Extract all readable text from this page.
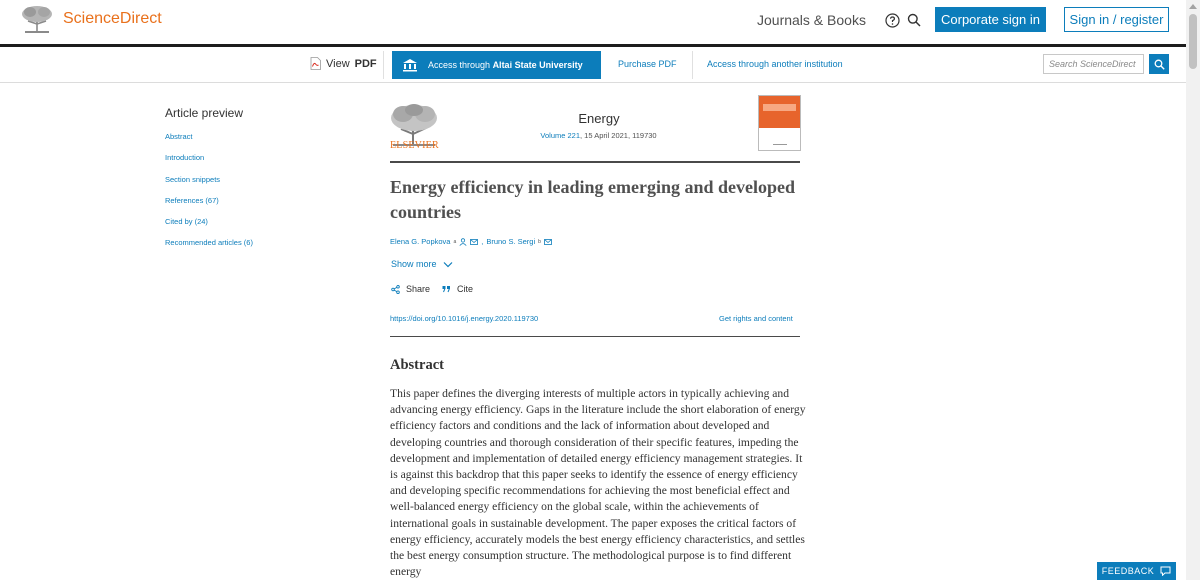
ScienceDirect	Journals & Books	Corporate sign in	Sign in / register
View PDF	Access through
Altai State University	Purchase PDF	Access through another institution
Search ScienceDirect
Article preview
Abstract
Introduction
Section snippets
References (67)
Cited by (24)
Recommended articles (6)
ELSEVIER
Energy
Volume 221, 15 April 2021, 119730
Energy efficiency in leading emerging and developed countries
Elena G. Popkova a	, Bruno S. Sergi b
Show more
Share	Cite
https://doi.org/10.1016/j.energy.2020.119730	Get rights and content
Abstract

This paper defines the diverging interests of multiple actors in typically achieving and advancing energy efficiency. Gaps in the literature include the short elaboration of energy efficiency factors and conditions and the lack of information about developed and developing countries and thorough consideration of their specific features, impeding the development and implementation of detailed energy efficiency management strategies. It is against this backdrop that this paper seeks to identify the essence of energy efficiency and developing specific recommendations for achieving the most beneficial effect and well-balanced energy efficiency on the global scale, within the achievements of international goals in sustainable development. The paper exposes the critical factors of energy efficiency, accurately models the best energy efficiency characteristics, and settles the best energy consumption structure. The methodological purpose is to find different energy	FEEDBACK
